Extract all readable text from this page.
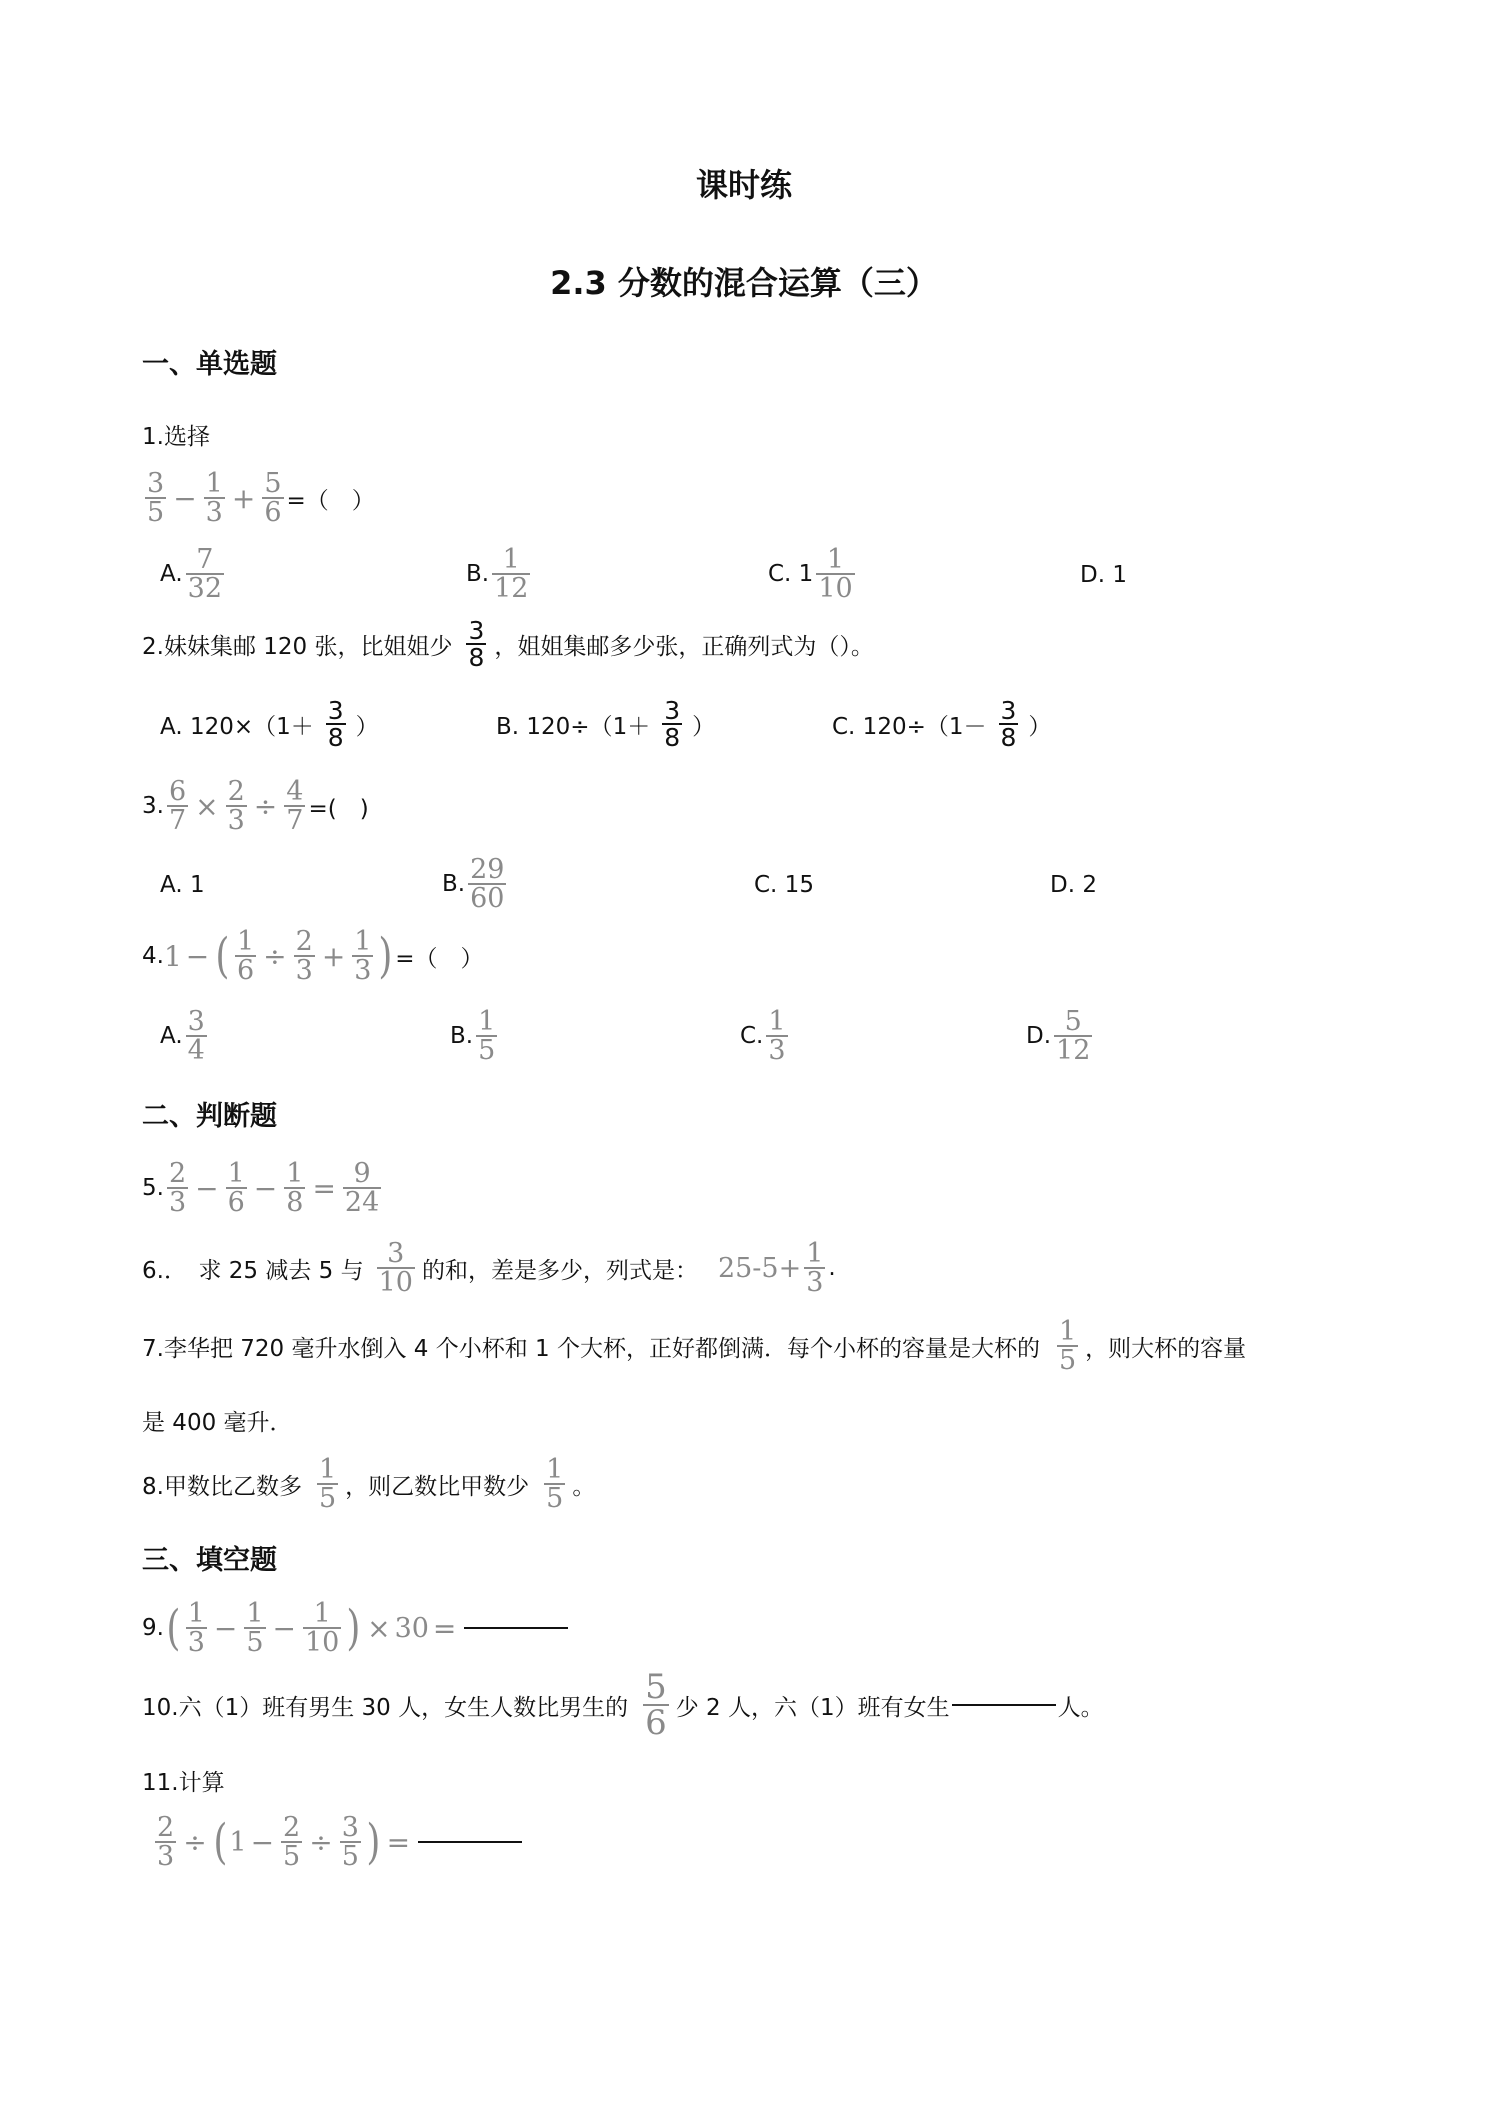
课时练
2.3 分数的混合运算（三）
一、单选题
1.选择
3
$5 - \frac{1}{3} + \frac{5}{6}$ =（　）
A. $\frac{7}{32}$	B. $\frac{1}{12}$	C. $1 \frac{1}{10}$	D. 1
2.妹妹集邮 120 张，比姐姐少
3
8 ，姐姐集邮多少张，正确列式为（）。
A. 120×（1＋
3
8 ）	B. 120÷（1＋
3
8 ）	C. 120÷（1－
3
8 ）
3. $\frac{6}{7} \times \frac{2}{3} \div \frac{4}{7}$ =(　)
A. 1	B. $\frac{29}{60}$	C. 15	D. 2
4. 1 − ( $\frac{1}{6} \div \frac{2}{3} + \frac{1}{3}$ ) =（　）
A. $\frac{3}{4}$	B. $\frac{1}{5}$	C. $\frac{1}{3}$	D. $\frac{5}{12}$
二、判断题
5. 2
$3 - \frac{1}{6} - \frac{1}{8} = \frac{9}{24}$
6.．　求 25 减去 5 与 $\frac{3}{10}$ 的和，差是多少，列式是： $25-5+ \frac{1}{3}$ .
7.李华把 720 毫升水倒入 4 个小杯和 1 个大杯，正好都倒满．每个小杯的容量是大杯的 $\frac{1}{5}$ ，则大杯的容量
是 400 毫升．
8.甲数比乙数多 $\frac{1}{5}$ ，则乙数比甲数少 $\frac{1}{5}$ 。
三、填空题
9. ( 1
$3 - \frac{1}{5} - \frac{1}{10}$ ) × 30 =
10.六（1）班有男生 30 人，女生人数比男生的 $\frac{5}{6}$ 少 2 人，六（1）班有女生	人。
11.计算
$\frac{2}{3}$ ÷ ( $1 - \frac{2}{5} \div \frac{3}{5}$ ) =
